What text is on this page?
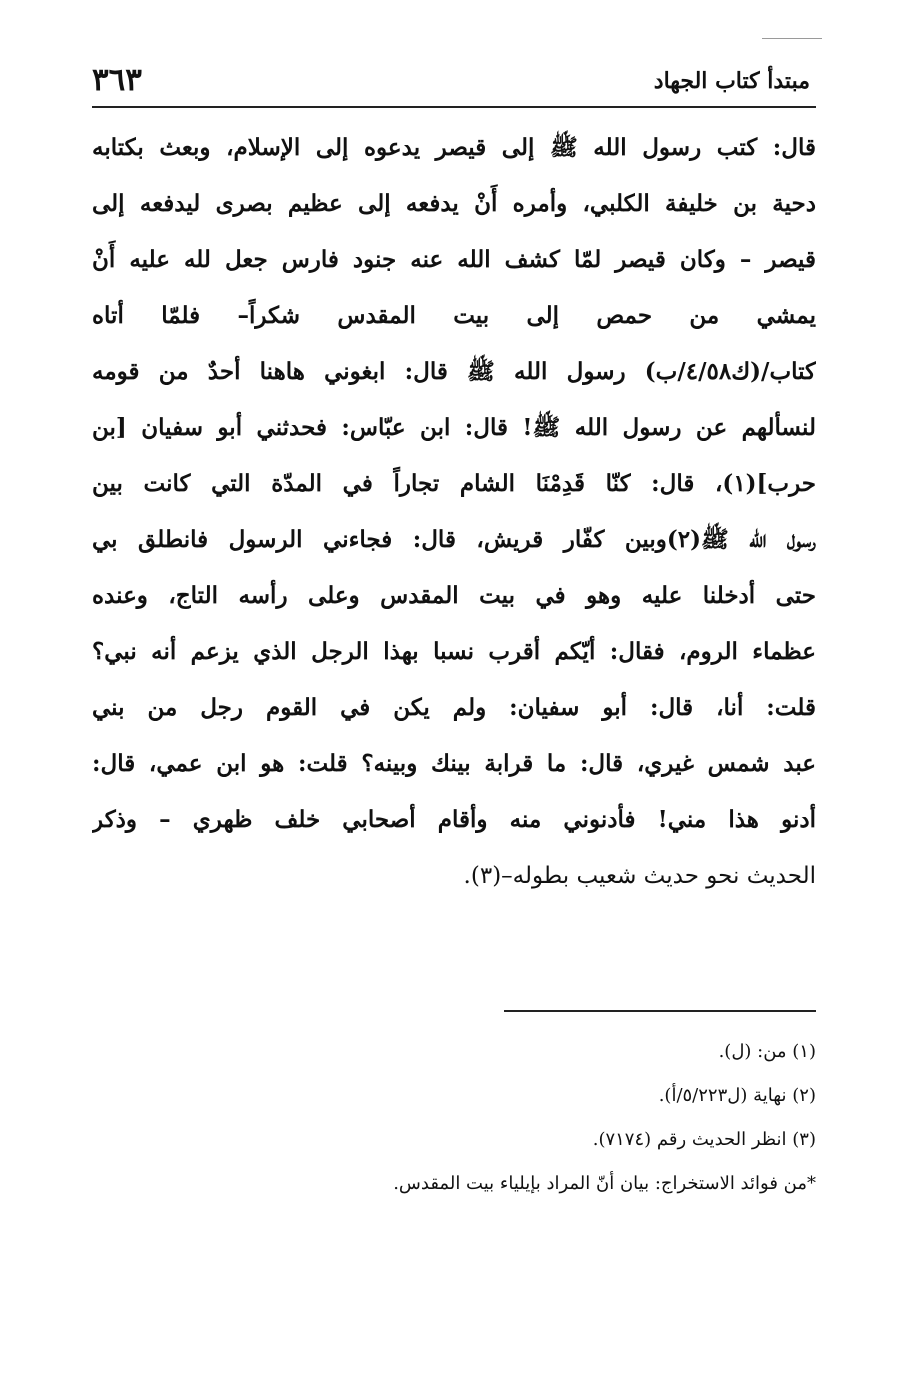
مبتدأ كتاب الجهاد
٣٦٣
قال: كتب رسول الله ﷺ إلى قيصر يدعوه إلى الإسلام، وبعث بكتابه
دحية بن خليفة الكلبي، وأمره أَنْ يدفعه إلى عظيم بصرى ليدفعه إلى
قيصر – وكان قيصر لمّا كشف الله عنه جنود فارس جعل لله عليه أَنْ
يمشي من حمص إلى بيت المقدس شكراً– فلمّا أتاه
كتاب/(ك٤/٥٨/ب) رسول الله ﷺ قال: ابغوني هاهنا أحدٌ من قومه
لنسألهم عن رسول الله ﷺ! قال: ابن عبّاس: فحدثني أبو سفيان [بن
حرب](١)، قال: كنّا قَدِمْنَا الشام تجاراً في المدّة التي كانت بين
رسول الله ﷺ(٢)وبين كفّار قريش، قال: فجاءني الرسول فانطلق بي
حتى أدخلنا عليه وهو في بيت المقدس وعلى رأسه التاج، وعنده
عظماء الروم، فقال: أيّكم أقرب نسبا بهذا الرجل الذي يزعم أنه نبي؟
قلت: أنا، قال: أبو سفيان: ولم يكن في القوم رجل من بني
عبد شمس غيري، قال: ما قرابة بينك وبينه؟ قلت: هو ابن عمي، قال:
أدنو هذا مني! فأدنوني منه وأقام أصحابي خلف ظهري – وذكر
الحديث نحو حديث شعيب بطوله–(٣).
(١) من: (ل).
(٢) نهاية (ل٥/٢٢٣/أ).
(٣) انظر الحديث رقم (٧١٧٤).
*من فوائد الاستخراج: بيان أنّ المراد بإيلياء بيت المقدس.
